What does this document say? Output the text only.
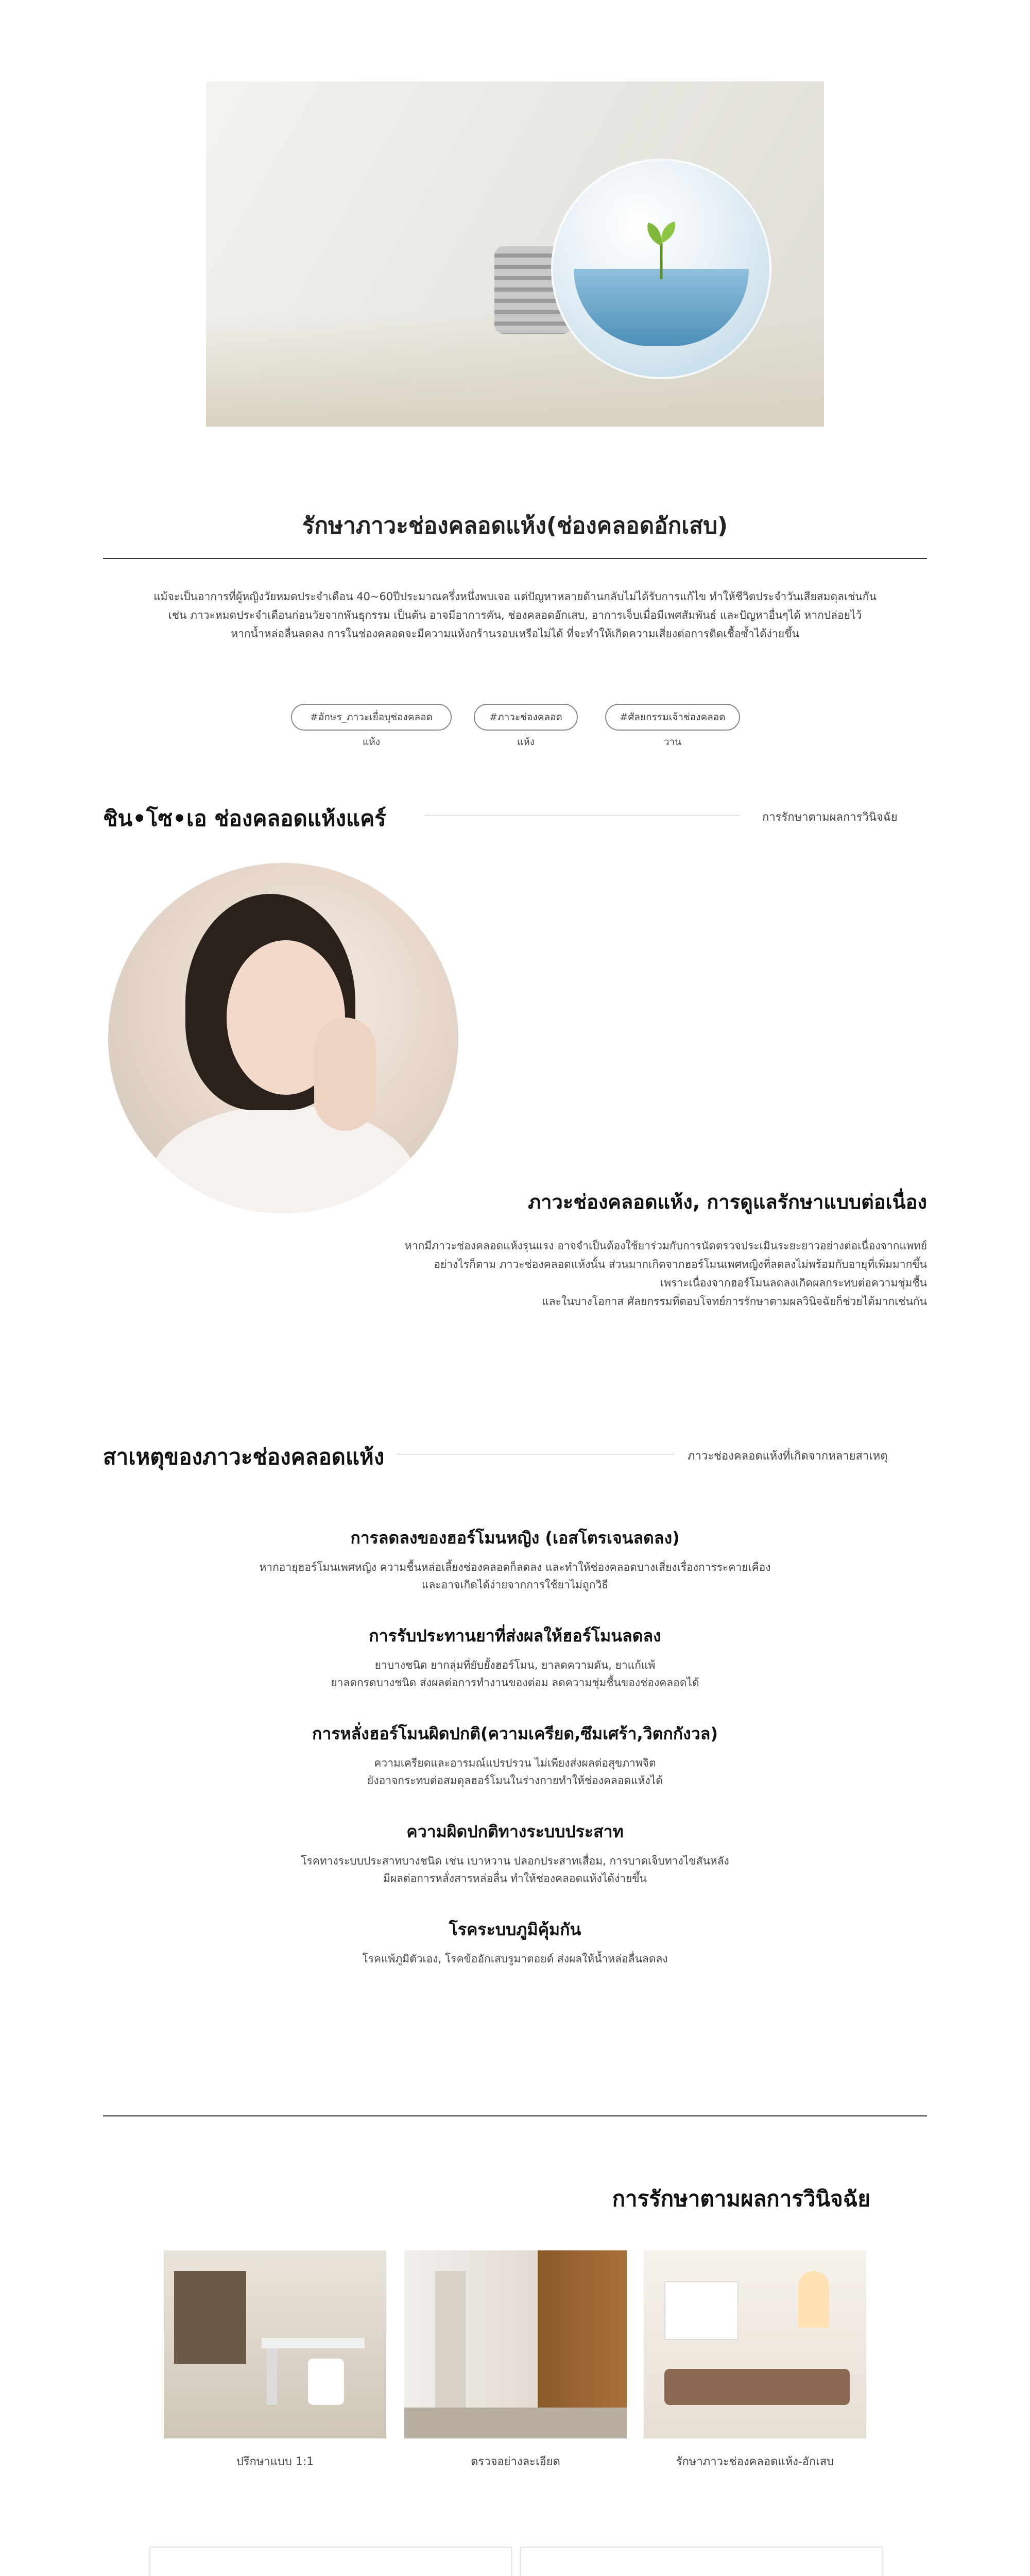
รักษาภาวะช่องคลอดแห้ง(ช่องคลอดอักเสบ)
แม้จะเป็นอาการที่ผู้หญิงวัยหมดประจำเดือน 40~60ปีประมาณครึ่งหนึ่งพบเจอ แต่ปัญหาหลายด้านกลับไม่ได้รับการแก้ไข ทำให้ชีวิตประจำวันเสียสมดุลเช่นกัน
เช่น ภาวะหมดประจำเดือนก่อนวัยจากพันธุกรรม เป็นต้น อาจมีอาการคัน, ช่องคลอดอักเสบ, อาการเจ็บเมื่อมีเพศสัมพันธ์ และปัญหาอื่นๆได้ หากปล่อยไว้
หากน้ำหล่อลื่นลดลง การในช่องคลอดจะมีความแห้งกร้านรอบเหรือไม่ได้ ที่จะทำให้เกิดความเสี่ยงต่อการติดเชื้อซ้ำได้ง่ายขึ้น
#อักษร_ภาวะเยื่อบุช่องคลอดแห้ง
#ภาวะช่องคลอดแห้ง
#ศัลยกรรมเจ้าช่องคลอดวาน
ชิน•โซ•เอ ช่องคลอดแห้งแคร์	การรักษาตามผลการวินิจฉัย
ภาวะช่องคลอดแห้ง, การดูแลรักษาแบบต่อเนื่อง
หากมีภาวะช่องคลอดแห้งรุนแรง อาจจำเป็นต้องใช้ยาร่วมกับการนัดตรวจประเมินระยะยาวอย่างต่อเนื่องจากแพทย์
อย่างไรก็ตาม ภาวะช่องคลอดแห้งนั้น ส่วนมากเกิดจากฮอร์โมนเพศหญิงที่ลดลงไม่พร้อมกับอายุที่เพิ่มมากขึ้น
เพราะเนื่องจากฮอร์โมนลดลงเกิดผลกระทบต่อความชุ่มชื้น
และในบางโอกาส ศัลยกรรมที่ตอบโจทย์การรักษาตามผลวินิจฉัยก็ช่วยได้มากเช่นกัน
สาเหตุของภาวะช่องคลอดแห้ง	ภาวะช่องคลอดแห้งที่เกิดจากหลายสาเหตุ
การลดลงของฮอร์โมนหญิง (เอสโตรเจนลดลง)
หากอายุฮอร์โมนเพศหญิง ความชื้นหล่อเลี้ยงช่องคลอดก็ลดลง และทำให้ช่องคลอดบางเสี่ยงเรื่องการระคายเคือง
และอาจเกิดได้ง่ายจากการใช้ยาไม่ถูกวิธี
การรับประทานยาที่ส่งผลให้ฮอร์โมนลดลง
ยาบางชนิด ยากลุ่มที่ยับยั้งฮอร์โมน, ยาลดความดัน, ยาแก้แพ้
ยาลดกรดบางชนิด ส่งผลต่อการทำงานของต่อม ลดความชุ่มชื้นของช่องคลอดได้
การหลั่งฮอร์โมนผิดปกติ(ความเครียด,ซึมเศร้า,วิตกกังวล)
ความเครียดและอารมณ์แปรปรวน ไม่เพียงส่งผลต่อสุขภาพจิต
ยังอาจกระทบต่อสมดุลฮอร์โมนในร่างกายทำให้ช่องคลอดแห้งได้
ความผิดปกติทางระบบประสาท
โรคทางระบบประสาทบางชนิด เช่น เบาหวาน ปลอกประสาทเสื่อม, การบาดเจ็บทางไขสันหลัง
มีผลต่อการหลั่งสารหล่อลื่น ทำให้ช่องคลอดแห้งได้ง่ายขึ้น
โรคระบบภูมิคุ้มกัน
โรคแพ้ภูมิตัวเอง, โรคข้ออักเสบรูมาตอยด์ ส่งผลให้น้ำหล่อลื่นลดลง
การรักษาตามผลการวินิจฉัย
ปรึกษาแบบ 1:1	ตรวจอย่างละเอียด	รักษาภาวะช่องคลอดแห้ง-อักเสบ
